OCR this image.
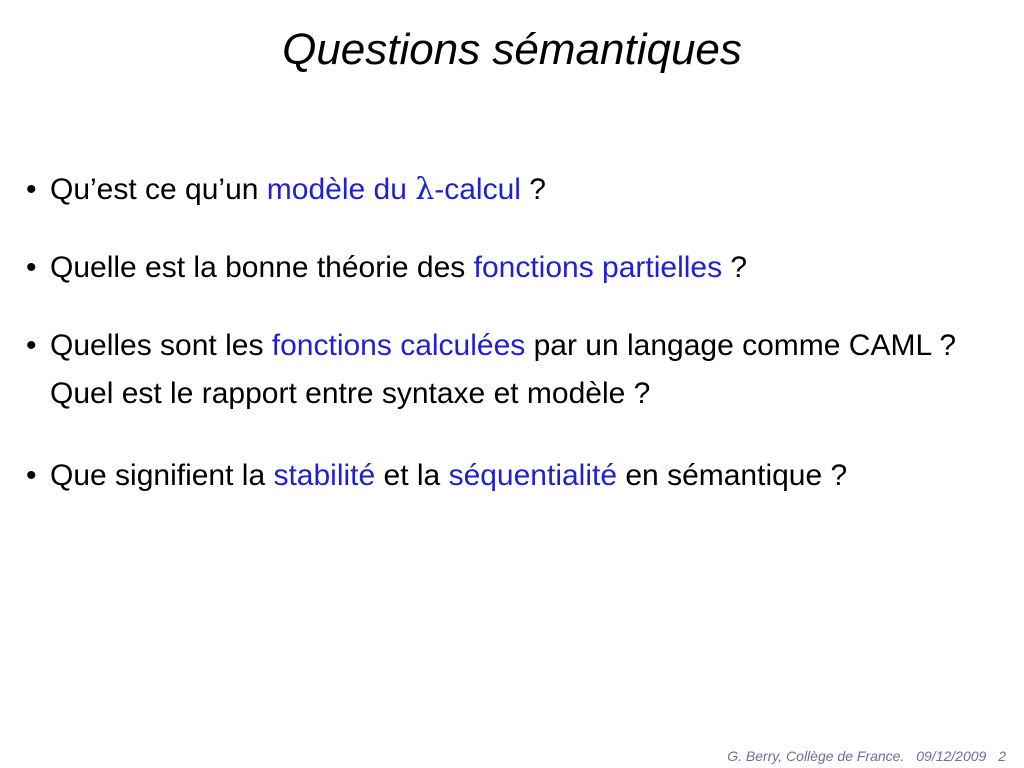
Questions sémantiques
• Qu’est ce qu’un modèle du λ-calcul ?
• Quelle est la bonne théorie des fonctions partielles ?
• Quelles sont les fonctions calculées par un langage comme CAML ? Quel est le rapport entre syntaxe et modèle ?
• Que signifient la stabilité et la séquentialité en sémantique ?
G. Berry, Collège de France. 09/12/2009 2
